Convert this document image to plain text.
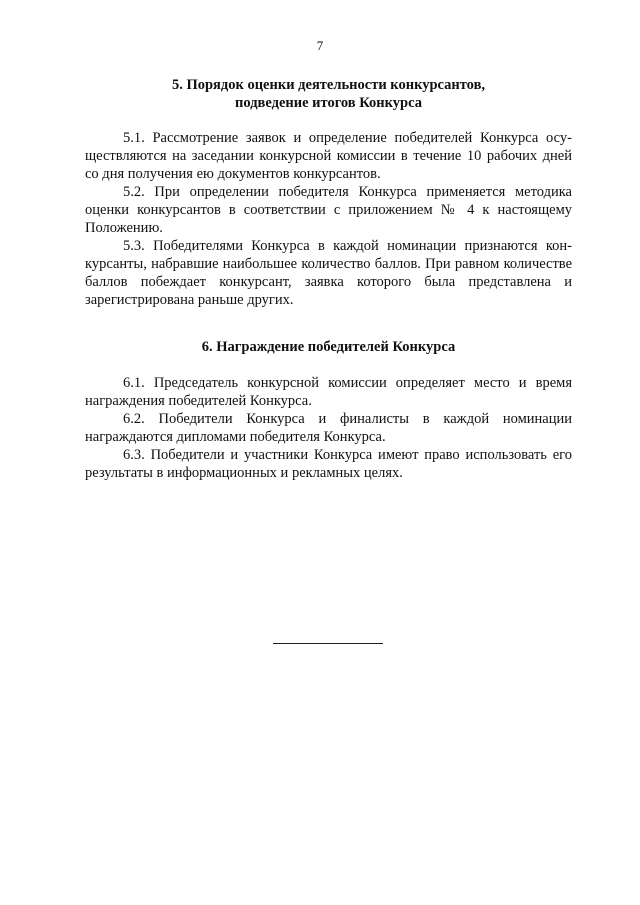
7
5. Порядок оценки деятельности конкурсантов,
подведение итогов Конкурса

5.1. Рассмотрение заявок и определение победителей Конкурса осуществляются на заседании конкурсной комиссии в течение 10 рабочих дней со дня получения ею документов конкурсантов.

5.2. При определении победителя Конкурса применяется методика оценки конкурсантов в соответствии с приложением № 4 к настоящему Положению.

5.3. Победителями Конкурса в каждой номинации признаются конкурсанты, набравшие наибольшее количество баллов. При равном количестве баллов побеждает конкурсант, заявка которого была представлена и зарегистрирована раньше других.

6. Награждение победителей Конкурса

6.1. Председатель конкурсной комиссии определяет место и время награждения победителей Конкурса.

6.2. Победители Конкурса и финалисты в каждой номинации награждаются дипломами победителя Конкурса.

6.3. Победители и участники Конкурса имеют право использовать его результаты в информационных и рекламных целях.
